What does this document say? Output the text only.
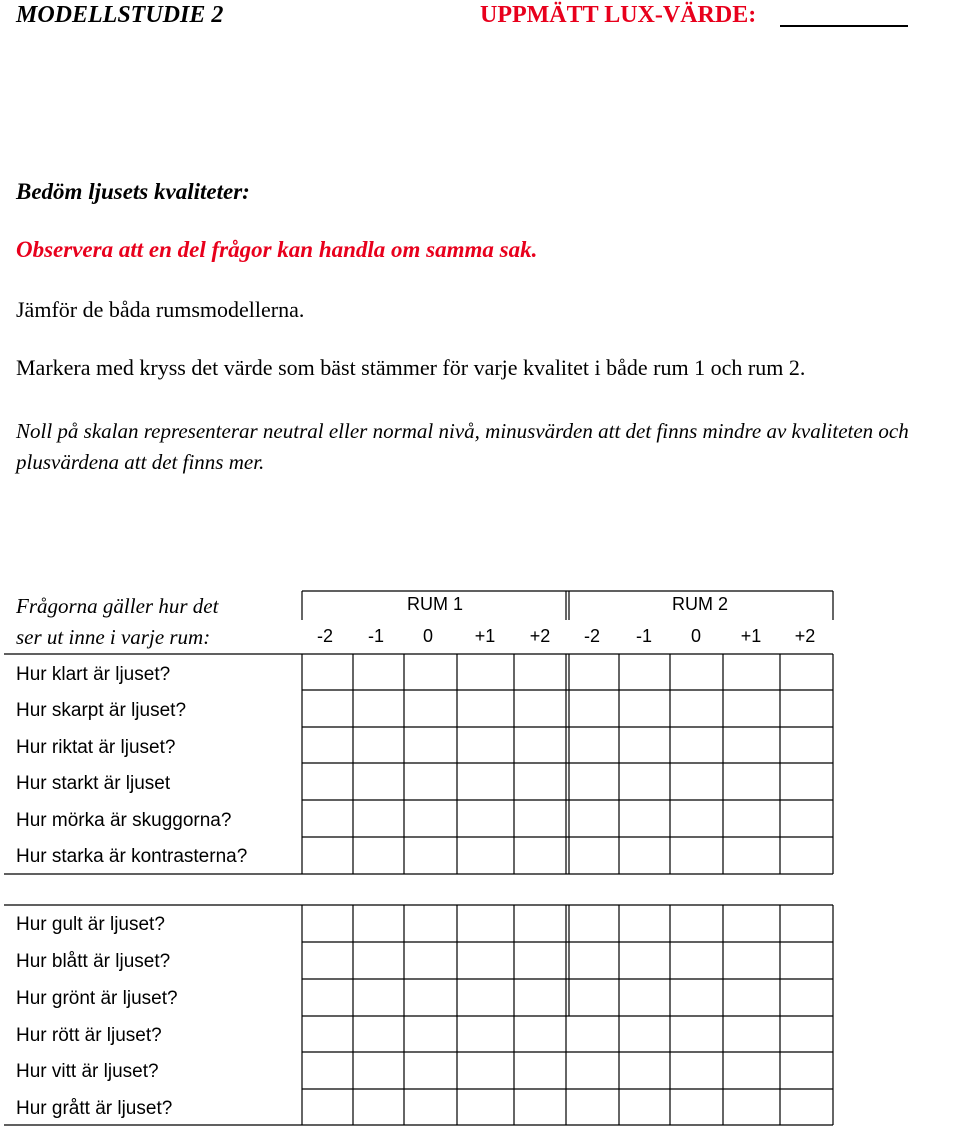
MODELLSTUDIE 2	UPPMÄTT LUX-VÄRDE:
Bedöm ljusets kvaliteter:
Observera att en del frågor kan handla om samma sak.
Jämför de båda rumsmodellerna.
Markera med kryss det värde som bäst stämmer för varje kvalitet i både rum 1 och rum 2.
Noll på skalan representerar neutral eller normal nivå, minusvärden att det finns mindre av kvaliteten och plusvärdena att det finns mer.
Frågorna gäller hur det
ser ut inne i varje rum:
Hur klart är ljuset?
Hur skarpt är ljuset?
Hur riktat är ljuset?
Hur starkt är ljuset
Hur mörka är skuggorna?
Hur starka är kontrasterna?
Hur gult är ljuset?
Hur blått är ljuset?
Hur grönt är ljuset?
Hur rött är ljuset?
Hur vitt är ljuset?
Hur grått är ljuset?
RUM 1	RUM 2
-2 -1 0 +1 +2 -2 -1 0 +1 +2
